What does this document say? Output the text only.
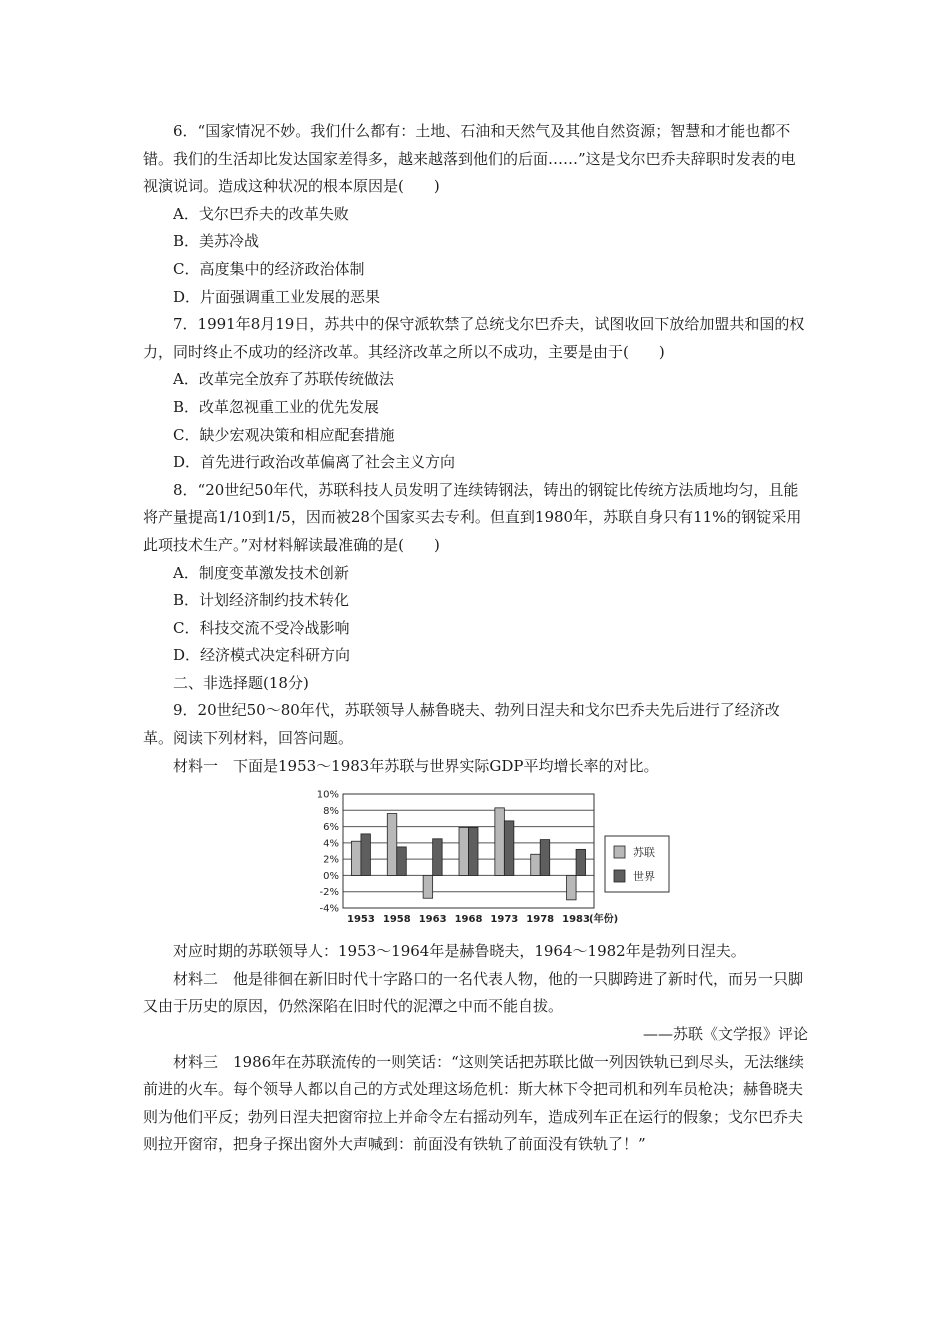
6．“国家情况不妙。我们什么都有：土地、石油和天然气及其他自然资源；智慧和才能也都不错。我们的生活却比发达国家差得多，越来越落到他们的后面……”这是戈尔巴乔夫辞职时发表的电视演说词。造成这种状况的根本原因是(　　)

A．戈尔巴乔夫的改革失败

B．美苏冷战

C．高度集中的经济政治体制

D．片面强调重工业发展的恶果

7．1991年8月19日，苏共中的保守派软禁了总统戈尔巴乔夫，试图收回下放给加盟共和国的权力，同时终止不成功的经济改革。其经济改革之所以不成功，主要是由于(　　)

A．改革完全放弃了苏联传统做法

B．改革忽视重工业的优先发展

C．缺少宏观决策和相应配套措施

D．首先进行政治改革偏离了社会主义方向

8．“20世纪50年代，苏联科技人员发明了连续铸钢法，铸出的钢锭比传统方法质地均匀，且能将产量提高1/10到1/5，因而被28个国家买去专利。但直到1980年，苏联自身只有11%的钢锭采用此项技术生产。”对材料解读最准确的是(　　)

A．制度变革激发技术创新

B．计划经济制约技术转化

C．科技交流不受冷战影响

D．经济模式决定科研方向

二、非选择题(18分)

9．20世纪50～80年代，苏联领导人赫鲁晓夫、勃列日涅夫和戈尔巴乔夫先后进行了经济改革。阅读下列材料，回答问题。

材料一　下面是1953～1983年苏联与世界实际GDP平均增长率的对比。

10%
8%
6%
4%
2%
0%
-2%
-4%
1953 1958 1963 1968 1973 1978 1983 (年份)
苏联
世界

对应时期的苏联领导人：1953～1964年是赫鲁晓夫，1964～1982年是勃列日涅夫。

材料二　他是徘徊在新旧时代十字路口的一名代表人物，他的一只脚跨进了新时代，而另一只脚又由于历史的原因，仍然深陷在旧时代的泥潭之中而不能自拔。

——苏联《文学报》评论

材料三　1986年在苏联流传的一则笑话：“这则笑话把苏联比做一列因铁轨已到尽头，无法继续前进的火车。每个领导人都以自己的方式处理这场危机：斯大林下令把司机和列车员枪决；赫鲁晓夫则为他们平反；勃列日涅夫把窗帘拉上并命令左右摇动列车，造成列车正在运行的假象；戈尔巴乔夫则拉开窗帘，把身子探出窗外大声喊到：前面没有铁轨了前面没有铁轨了！”
